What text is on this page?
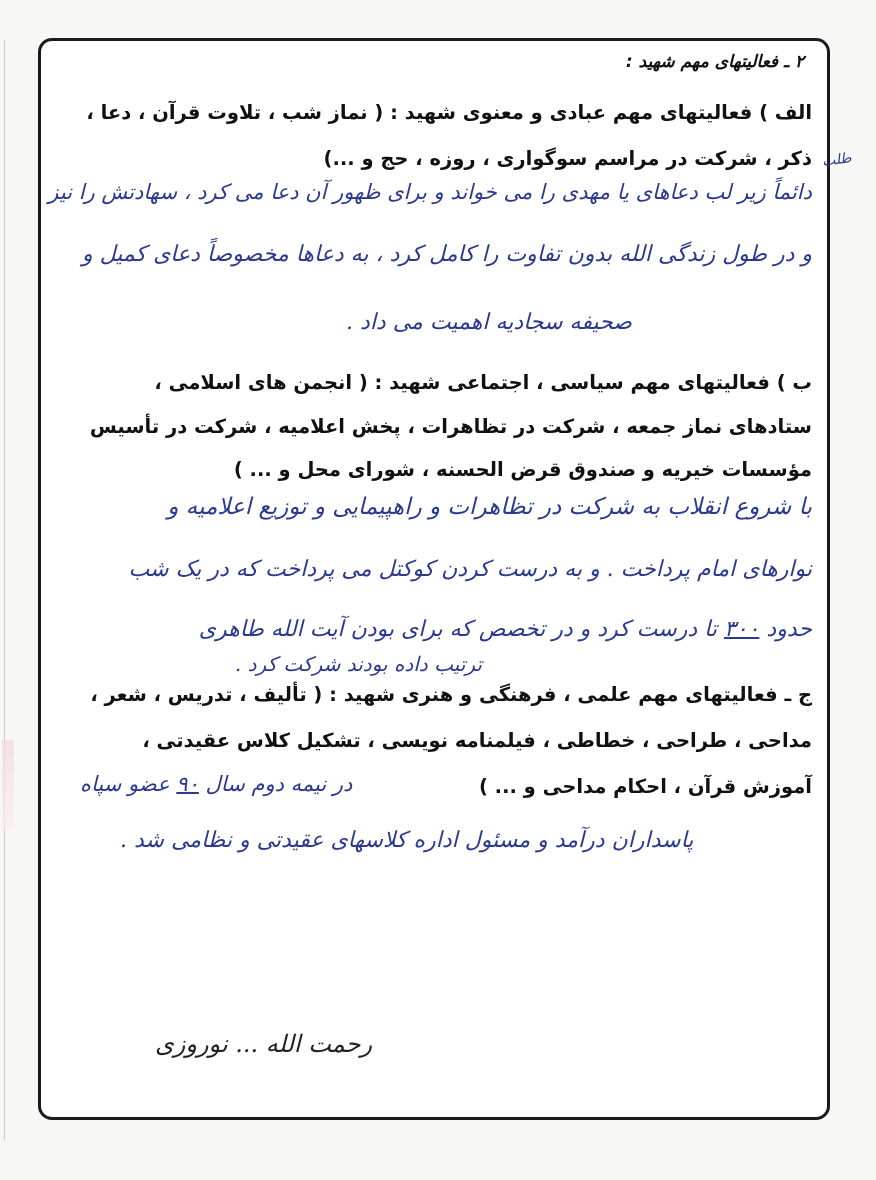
۲ ـ فعالیتهای مهم شهید :
الف ) فعالیتهای مهم عبادی و معنوی شهید : ( نماز شب ، تلاوت قرآن ، دعا ،
ذکر ، شرکت در مراسم سوگواری ، روزه ، حج و ...)
دائماً زیر لب دعاهای یا مهدی را می خواند و برای ظهور آن دعا می کرد ، سهادتش را نیز
طلب
و در طول زندگی الله بدون تفاوت را کامل کرد ، به دعاها مخصوصاً دعای کمیل و
صحیفه سجادیه اهمیت می داد .
ب ) فعالیتهای مهم سیاسی ، اجتماعی شهید : ( انجمن های اسلامی ،
ستادهای نماز جمعه ، شرکت در تظاهرات ، پخش اعلامیه ، شرکت در تأسیس
مؤسسات خیریه و صندوق قرض الحسنه ، شورای محل و ... )
با شروع انقلاب به شرکت در تظاهرات و راهپیمایی و توزیع اعلامیه و
نوارهای امام پرداخت . و به درست کردن کوکتل می پرداخت که در یک شب
حدود ۳۰۰ تا درست کرد و در تخصص که برای بودن آیت الله طاهری
ترتیب داده بودند شرکت کرد .
ج ـ فعالیتهای مهم علمی ، فرهنگی و هنری شهید : ( تألیف ، تدریس ، شعر ،
مداحی ، طراحی ، خطاطی ، فیلمنامه نویسی ، تشکیل کلاس عقیدتی ،
آموزش قرآن ، احکام مداحی و ... )
در نیمه دوم سال ۹۰ عضو سپاه
پاسداران درآمد و مسئول اداره کلاسهای عقیدتی و نظامی شد .
رحمت الله ... نوروزی
